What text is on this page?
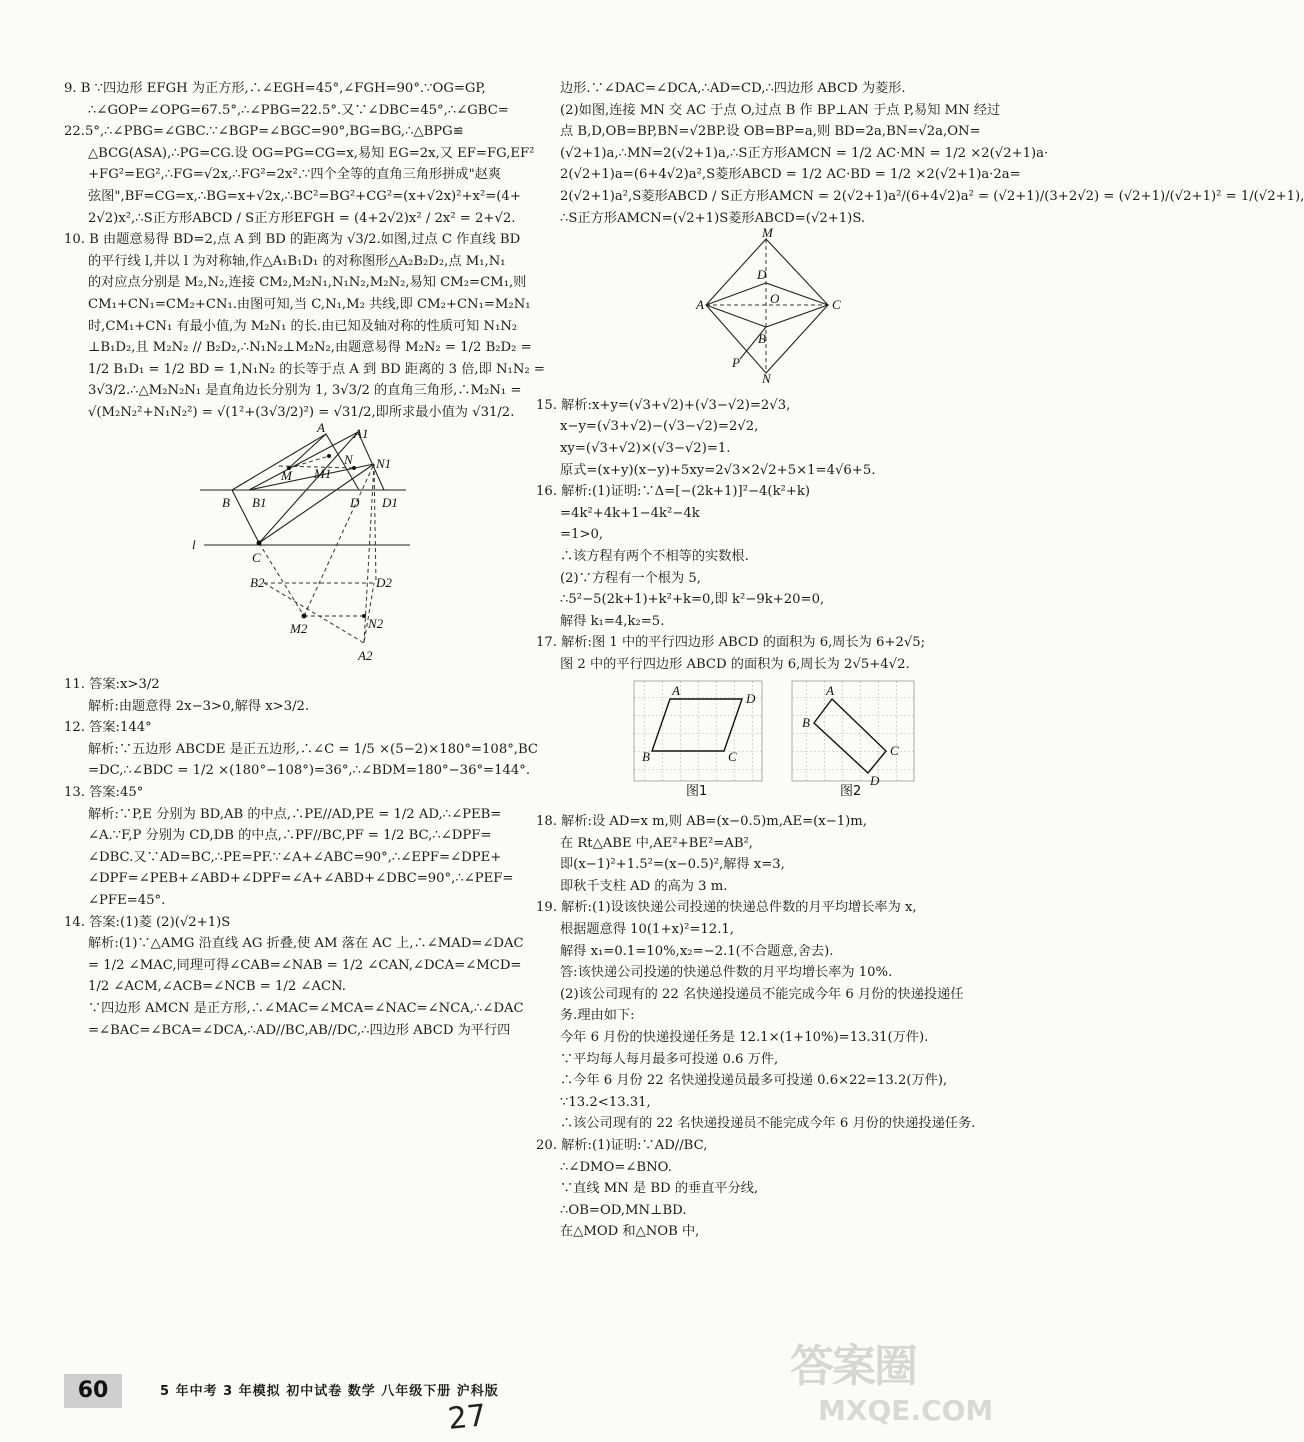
9. B ∵四边形 EFGH 为正方形,∴∠EGH=45°,∠FGH=90°.∵OG=GP,
∴∠GOP=∠OPG=67.5°,∴∠PBG=22.5°.又∵∠DBC=45°,∴∠GBC=
22.5°,∴∠PBG=∠GBC.∵∠BGP=∠BGC=90°,BG=BG,∴△BPG≌
△BCG(ASA),∴PG=CG.设 OG=PG=CG=x,易知 EG=2x,又 EF=FG,EF²
+FG²=EG²,∴FG=√2x,∴FG²=2x².∵四个全等的直角三角形拼成"赵爽
弦图",BF=CG=x,∴BG=x+√2x,∴BC²=BG²+CG²=(x+√2x)²+x²=(4+
2√2)x²,∴S正方形ABCD / S正方形EFGH = (4+2√2)x² / 2x² = 2+√2.
10. B 由题意易得 BD=2,点 A 到 BD 的距离为 √3/2.如图,过点 C 作直线 BD
的平行线 l,并以 l 为对称轴,作△A₁B₁D₁ 的对称图形△A₂B₂D₂,点 M₁,N₁
的对应点分别是 M₂,N₂,连接 CM₂,M₂N₁,N₁N₂,M₂N₂,易知 CM₂=CM₁,则
CM₁+CN₁=CM₂+CN₁.由图可知,当 C,N₁,M₂ 共线,即 CM₂+CN₁=M₂N₁
时,CM₁+CN₁ 有最小值,为 M₂N₁ 的长.由已知及轴对称的性质可知 N₁N₂
⊥B₁D₂,且 M₂N₂ // B₂D₂,∴N₁N₂⊥M₂N₂,由题意易得 M₂N₂ = 1/2 B₂D₂ =
1/2 B₁D₁ = 1/2 BD = 1,N₁N₂ 的长等于点 A 到 BD 距离的 3 倍,即 N₁N₂ =
3√3/2.∴△M₂N₂N₁ 是直角边长分别为 1, 3√3/2 的直角三角形,∴M₂N₁ =
√(M₂N₂²+N₁N₂²) = √(1²+(3√3/2)²) = √31/2,即所求最小值为 √31/2.
A A1
M M1
N N1
B B1	D D1
l
C
B2	D2
M2	N2
A2
11. 答案:x>3/2
解析:由题意得 2x−3>0,解得 x>3/2.
12. 答案:144°
解析:∵五边形 ABCDE 是正五边形,∴∠C = 1/5 ×(5−2)×180°=108°,BC
=DC,∴∠BDC = 1/2 ×(180°−108°)=36°,∴∠BDM=180°−36°=144°.
13. 答案:45°
解析:∵P,E 分别为 BD,AB 的中点,∴PE//AD,PE = 1/2 AD,∴∠PEB=
∠A.∵F,P 分别为 CD,DB 的中点,∴PF//BC,PF = 1/2 BC,∴∠DPF=
∠DBC.又∵AD=BC,∴PE=PF.∵∠A+∠ABC=90°,∴∠EPF=∠DPE+
∠DPF=∠PEB+∠ABD+∠DPF=∠A+∠ABD+∠DBC=90°,∴∠PEF=
∠PFE=45°.
14. 答案:(1)菱 (2)(√2+1)S
解析:(1)∵△AMG 沿直线 AG 折叠,使 AM 落在 AC 上,∴∠MAD=∠DAC
= 1/2 ∠MAC,同理可得∠CAB=∠NAB = 1/2 ∠CAN,∠DCA=∠MCD=
1/2 ∠ACM,∠ACB=∠NCB = 1/2 ∠ACN.
∵四边形 AMCN 是正方形,∴∠MAC=∠MCA=∠NAC=∠NCA,∴∠DAC
=∠BAC=∠BCA=∠DCA,∴AD//BC,AB//DC,∴四边形 ABCD 为平行四
边形.∵∠DAC=∠DCA,∴AD=CD,∴四边形 ABCD 为菱形.
(2)如图,连接 MN 交 AC 于点 O,过点 B 作 BP⊥AN 于点 P,易知 MN 经过
点 B,D,OB=BP,BN=√2BP.设 OB=BP=a,则 BD=2a,BN=√2a,ON=
(√2+1)a,∴MN=2(√2+1)a,∴S正方形AMCN = 1/2 AC·MN = 1/2 ×2(√2+1)a·
2(√2+1)a=(6+4√2)a²,S菱形ABCD = 1/2 AC·BD = 1/2 ×2(√2+1)a·2a=
2(√2+1)a²,S菱形ABCD / S正方形AMCN = 2(√2+1)a²/(6+4√2)a² = (√2+1)/(3+2√2) = (√2+1)/(√2+1)² = 1/(√2+1),
∴S正方形AMCN=(√2+1)S菱形ABCD=(√2+1)S.
M
D
A	O	C
B
P
N
15. 解析:x+y=(√3+√2)+(√3−√2)=2√3,
x−y=(√3+√2)−(√3−√2)=2√2,
xy=(√3+√2)×(√3−√2)=1.
原式=(x+y)(x−y)+5xy=2√3×2√2+5×1=4√6+5.
16. 解析:(1)证明:∵Δ=[−(2k+1)]²−4(k²+k)
=4k²+4k+1−4k²−4k
=1>0,
∴该方程有两个不相等的实数根.
(2)∵方程有一个根为 5,
∴5²−5(2k+1)+k²+k=0,即 k²−9k+20=0,
解得 k₁=4,k₂=5.
17. 解析:图 1 中的平行四边形 ABCD 的面积为 6,周长为 6+2√5;
图 2 中的平行四边形 ABCD 的面积为 6,周长为 2√5+4√2.
A
D
B	C
A
B
C
D
图1	图2
18. 解析:设 AD=x m,则 AB=(x−0.5)m,AE=(x−1)m,
在 Rt△ABE 中,AE²+BE²=AB²,
即(x−1)²+1.5²=(x−0.5)²,解得 x=3,
即秋千支柱 AD 的高为 3 m.
19. 解析:(1)设该快递公司投递的快递总件数的月平均增长率为 x,
根据题意得 10(1+x)²=12.1,
解得 x₁=0.1=10%,x₂=−2.1(不合题意,舍去).
答:该快递公司投递的快递总件数的月平均增长率为 10%.
(2)该公司现有的 22 名快递投递员不能完成今年 6 月份的快递投递任
务.理由如下:
今年 6 月份的快递投递任务是 12.1×(1+10%)=13.31(万件).
∵平均每人每月最多可投递 0.6 万件,
∴今年 6 月份 22 名快递投递员最多可投递 0.6×22=13.2(万件),
∵13.2<13.31,
∴该公司现有的 22 名快递投递员不能完成今年 6 月份的快递投递任务.
20. 解析:(1)证明:∵AD//BC,
∴∠DMO=∠BNO.
∵直线 MN 是 BD 的垂直平分线,
∴OB=OD,MN⊥BD.
在△MOD 和△NOB 中,
60	5 年中考 3 年模拟 初中试卷 数学 八年级下册 沪科版
27
答案圈
MXQE.COM
